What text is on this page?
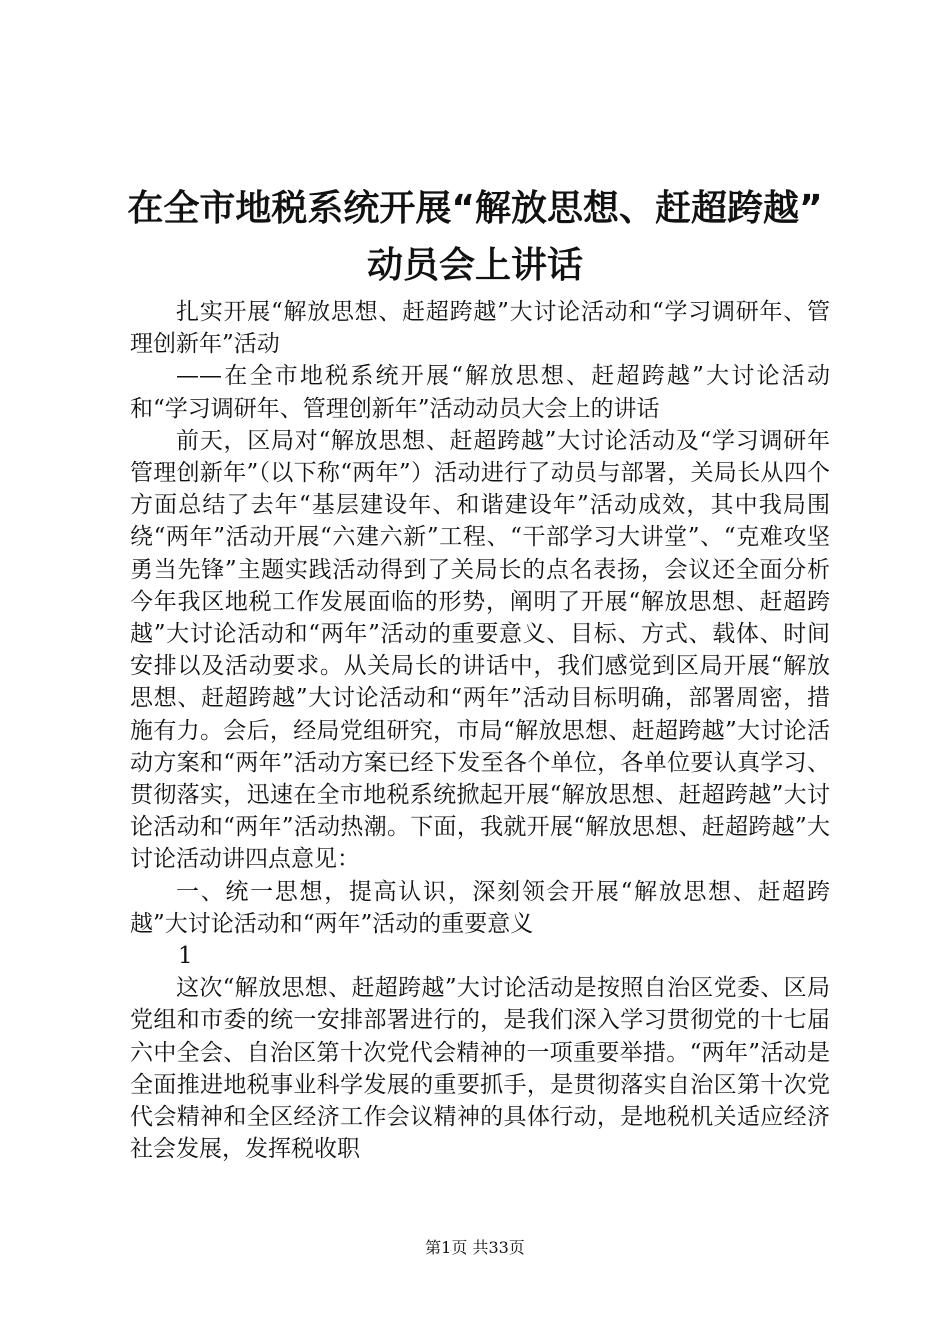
在全市地税系统开展“解放思想、赶超跨越”
动员会上讲话

扎实开展“解放思想、赶超跨越”大讨论活动和“学习调研年、管理创新年”活动

——在全市地税系统开展“解放思想、赶超跨越”大讨论活动和“学习调研年、管理创新年”活动动员大会上的讲话

前天，区局对“解放思想、赶超跨越”大讨论活动及“学习调研年管理创新年”（以下称“两年”）活动进行了动员与部署，关局长从四个方面总结了去年“基层建设年、和谐建设年”活动成效，其中我局围绕“两年”活动开展“六建六新”工程、“干部学习大讲堂”、“克难攻坚勇当先锋”主题实践活动得到了关局长的点名表扬，会议还全面分析今年我区地税工作发展面临的形势，阐明了开展“解放思想、赶超跨越”大讨论活动和“两年”活动的重要意义、目标、方式、载体、时间安排以及活动要求。从关局长的讲话中，我们感觉到区局开展“解放思想、赶超跨越”大讨论活动和“两年”活动目标明确，部署周密，措施有力。会后，经局党组研究，市局“解放思想、赶超跨越”大讨论活动方案和“两年”活动方案已经下发至各个单位，各单位要认真学习、贯彻落实，迅速在全市地税系统掀起开展“解放思想、赶超跨越”大讨论活动和“两年”活动热潮。下面，我就开展“解放思想、赶超跨越”大讨论活动讲四点意见：

一、统一思想，提高认识，深刻领会开展“解放思想、赶超跨越”大讨论活动和“两年”活动的重要意义

1

这次“解放思想、赶超跨越”大讨论活动是按照自治区党委、区局党组和市委的统一安排部署进行的，是我们深入学习贯彻党的十七届六中全会、自治区第十次党代会精神的一项重要举措。“两年”活动是全面推进地税事业科学发展的重要抓手，是贯彻落实自治区第十次党代会精神和全区经济工作会议精神的具体行动，是地税机关适应经济社会发展，发挥税收职

第1页 共33页
